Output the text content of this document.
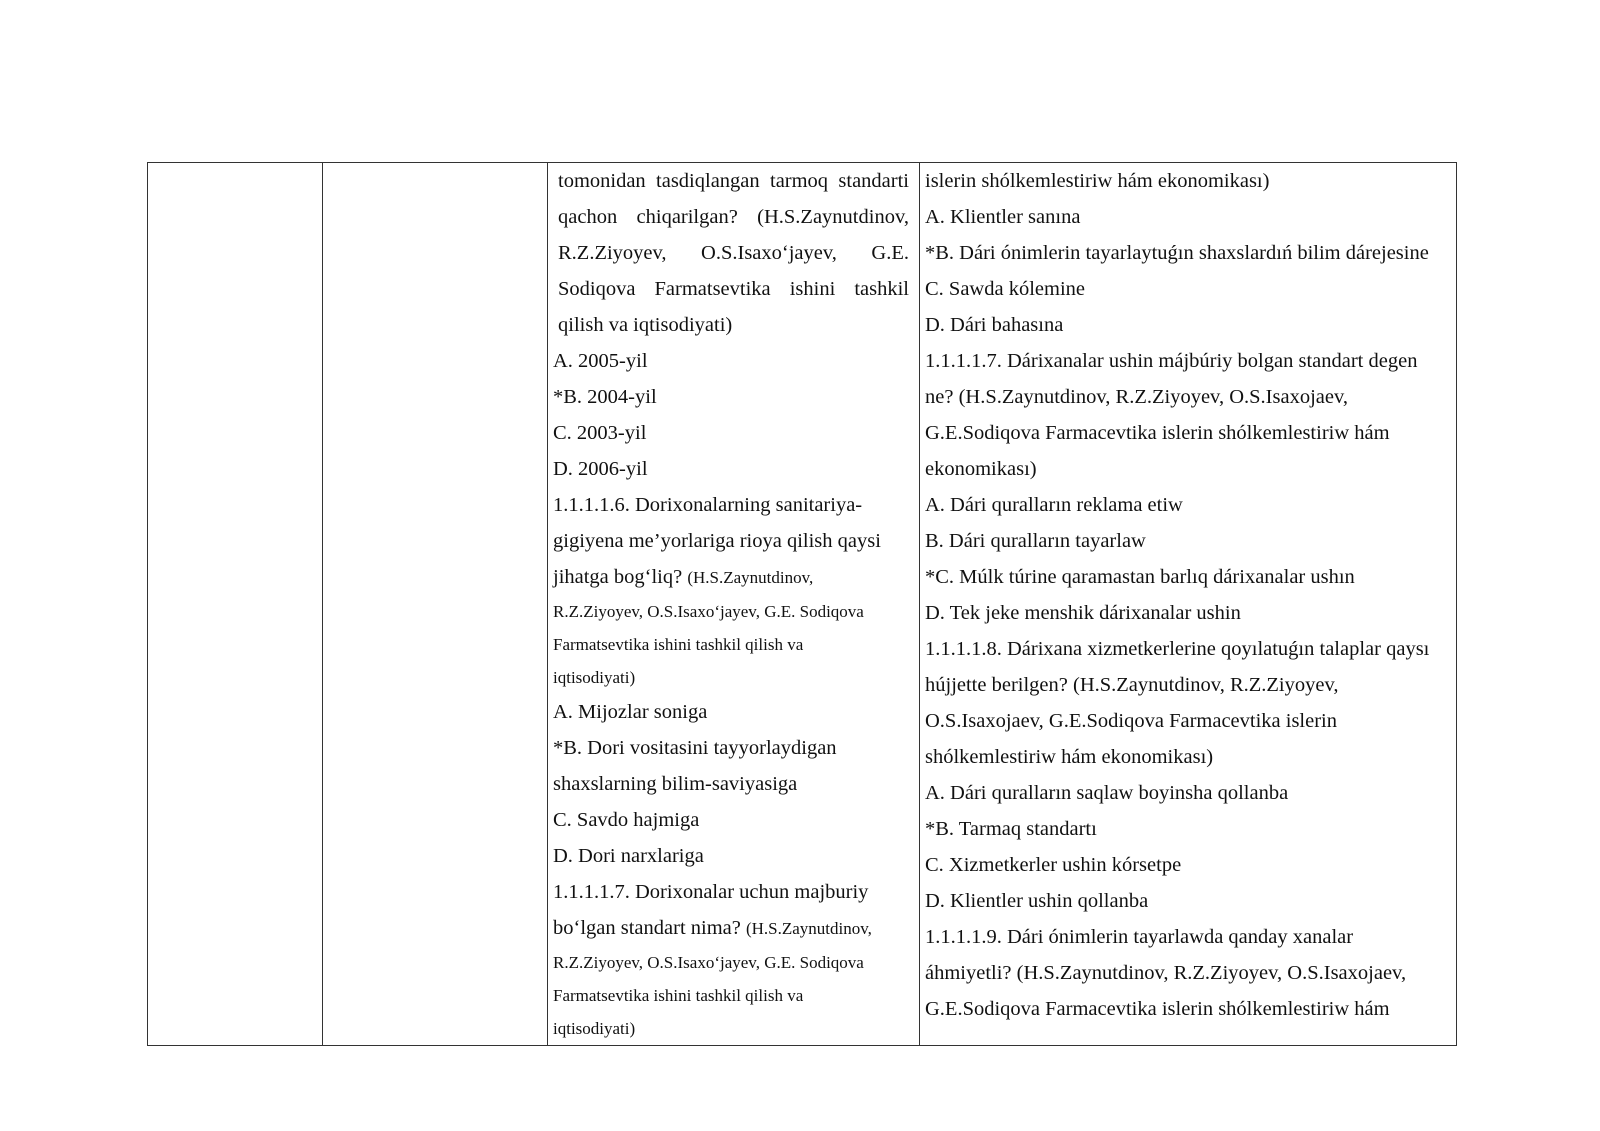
tomonidan tasdiqlangan tarmoq standarti
qachon chiqarilgan? (H.S.Zaynutdinov,
R.Z.Ziyoyev, O.S.Isaxo‘jayev, G.E.
Sodiqova Farmatsevtika ishini tashkil
qilish va iqtisodiyati)
A. 2005-yil
*B. 2004-yil
C. 2003-yil
D. 2006-yil
1.1.1.1.6. Dorixonalarning sanitariya-
gigiyena me’yorlariga rioya qilish qaysi
jihatga bog‘liq? (H.S.Zaynutdinov,
R.Z.Ziyoyev, O.S.Isaxo‘jayev, G.E. Sodiqova
Farmatsevtika ishini tashkil qilish va
iqtisodiyati)
A. Mijozlar soniga
*B. Dori vositasini tayyorlaydigan
shaxslarning bilim-saviyasiga
C. Savdo hajmiga
D. Dori narxlariga
1.1.1.1.7. Dorixonalar uchun majburiy
bo‘lgan standart nima? (H.S.Zaynutdinov,
R.Z.Ziyoyev, O.S.Isaxo‘jayev, G.E. Sodiqova
Farmatsevtika ishini tashkil qilish va
iqtisodiyati)
islerin shólkemlestiriw hám ekonomikası)
A. Klientler sanına
*B. Dári ónimlerin tayarlaytuǵın shaxslardıń bilim dárejesine
C. Sawda kólemine
D. Dári bahasına
1.1.1.1.7. Dárixanalar ushin májbúriy bolgan standart degen
ne? (H.S.Zaynutdinov, R.Z.Ziyoyev, O.S.Isaxojaev,
G.E.Sodiqova Farmacevtika islerin shólkemlestiriw hám
ekonomikası)
A. Dári quralların reklama etiw
B. Dári quralların tayarlaw
*C. Múlk túrine qaramastan barlıq dárixanalar ushın
D. Tek jeke menshik dárixanalar ushin
1.1.1.1.8. Dárixana xizmetkerlerine qoyılatuǵın talaplar qaysı
hújjette berilgen? (H.S.Zaynutdinov, R.Z.Ziyoyev,
O.S.Isaxojaev, G.E.Sodiqova Farmacevtika islerin
shólkemlestiriw hám ekonomikası)
A. Dári quralların saqlaw boyinsha qollanba
*B. Tarmaq standartı
C. Xizmetkerler ushin kórsetpe
D. Klientler ushin qollanba
1.1.1.1.9. Dári ónimlerin tayarlawda qanday xanalar
áhmiyetli? (H.S.Zaynutdinov, R.Z.Ziyoyev, O.S.Isaxojaev,
G.E.Sodiqova Farmacevtika islerin shólkemlestiriw hám
